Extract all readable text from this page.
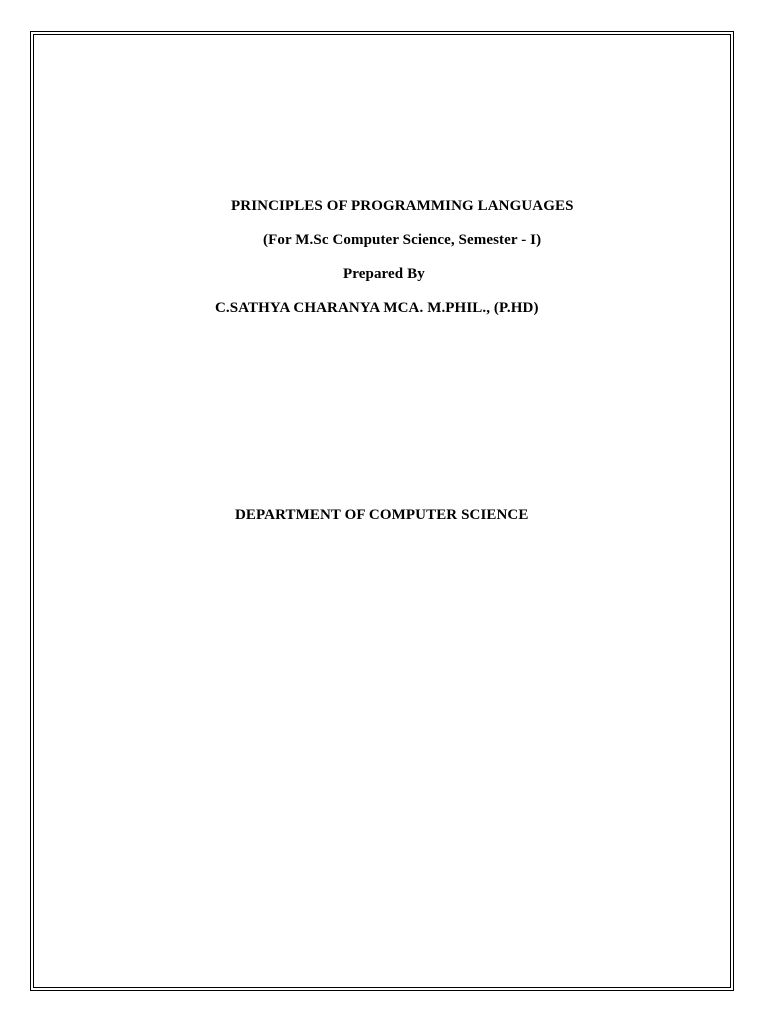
PRINCIPLES OF PROGRAMMING LANGUAGES
(For M.Sc Computer Science, Semester - I)
Prepared By
C.SATHYA CHARANYA MCA. M.PHIL., (P.HD)
DEPARTMENT OF COMPUTER SCIENCE
